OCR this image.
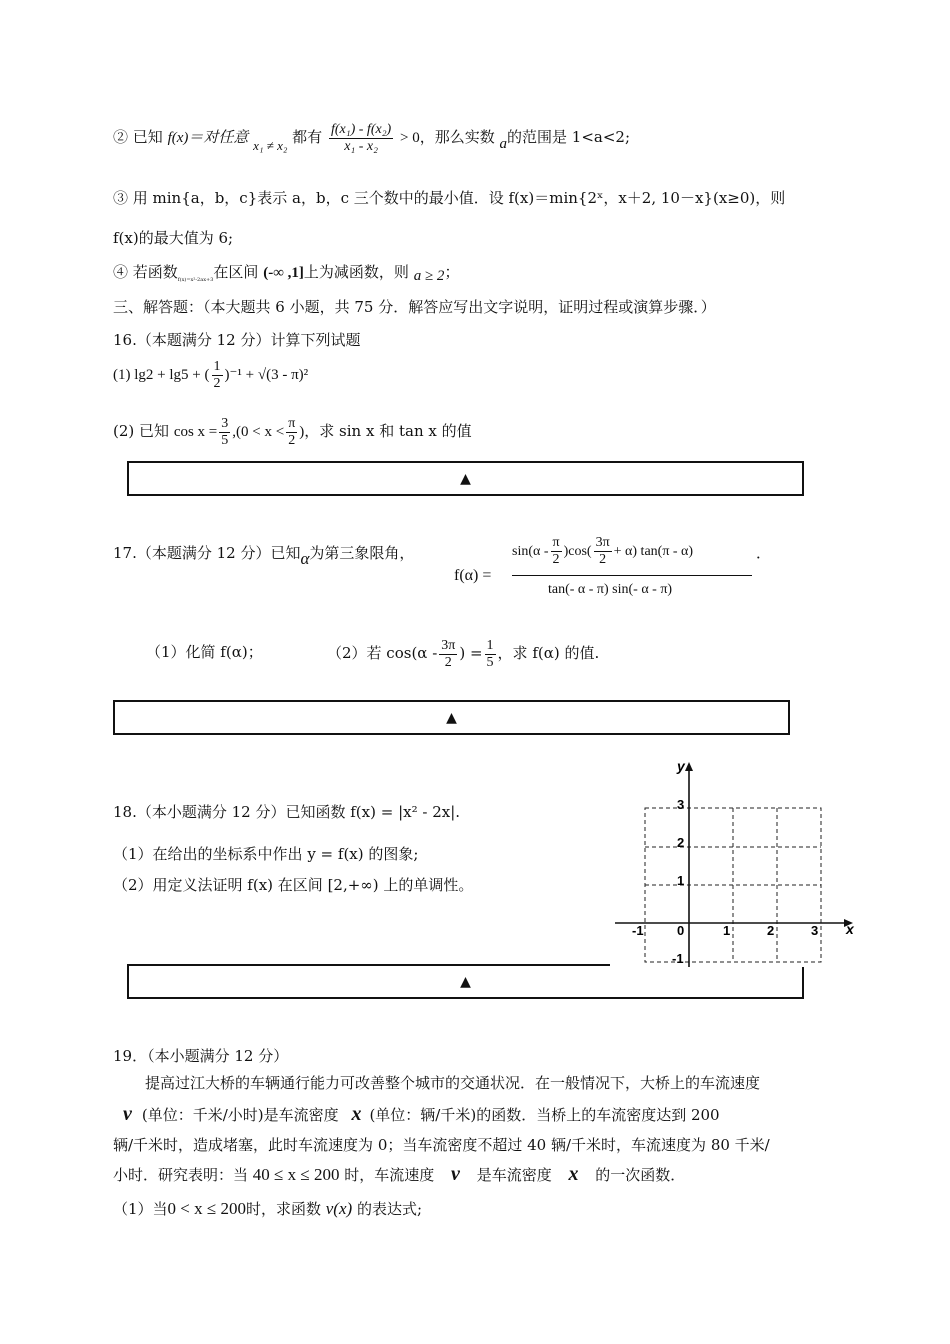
② 已知 f(x)＝对任意 x₁ ≠ x₂ 都有 $\frac{\text{f(x₁) - f(x₂)}}{\text{x₁ - x₂}} > 0$，那么实数 a的范围是 1<a<2;
③ 用 min{a，b，c}表示 a，b，c 三个数中的最小值．设 f(x)＝min{2ˣ，x＋2, 10－x}(x≥0)，则
f(x)的最大值为 6;
④ 若函数$_{f(x)=x^2-2ax+3}$在区间 (-∞ ,1]上为减函数，则 a ≥ 2；
三、解答题：（本大题共 6 小题，共 75 分．解答应写出文字说明，证明过程或演算步骤．）
16.（本题满分 12 分）计算下列试题
(1) lg2 + lg5 + ( $\frac{1}{2} )^{-1} + √(3 - \pi)^2$
(2) 已知 $\cos x = \frac{3}{5} ,(0 < x < \frac{\pi}{2}$ )，求 sin x 和 tan x 的值
▲
17.（本题满分 12 分）已知α为第三象限角，
f(α) =
$\sin(\alpha - \frac{\pi}{2} )\cos( \frac{3\pi}{2} + \alpha)$ tan(π - α)	．
tan(- α - π) sin(- α - π)
（1）化简 f(α)；	（2）若 $\cos(\alpha - \frac{3\pi}{2}$ ) = $\frac{1}{5}$ ，求 f(α) 的值.
▲
18.（本小题满分 12 分）已知函数 f(x) = |x² - 2x|.
（1）在给出的坐标系中作出 y = f(x) 的图象;
（2）用定义法证明 f(x) 在区间 [2,+∞) 上的单调性。
▲
y
x
0
-1	1	2	3
3
2
1
-1
19．（本小题满分 12 分）
提高过江大桥的车辆通行能力可改善整个城市的交通状况．在一般情况下，大桥上的车流速度
v (单位：千米/小时)是车流密度 x (单位：辆/千米)的函数．当桥上的车流密度达到 200
辆/千米时，造成堵塞，此时车流速度为 0；当车流密度不超过 40 辆/千米时，车流速度为 80 千米/
小时．研究表明：当 40 ≤ x ≤ 200 时，车流速度 v 是车流密度 x 的一次函数．
（1）当0 < x ≤ 200时，求函数 v(x) 的表达式;
